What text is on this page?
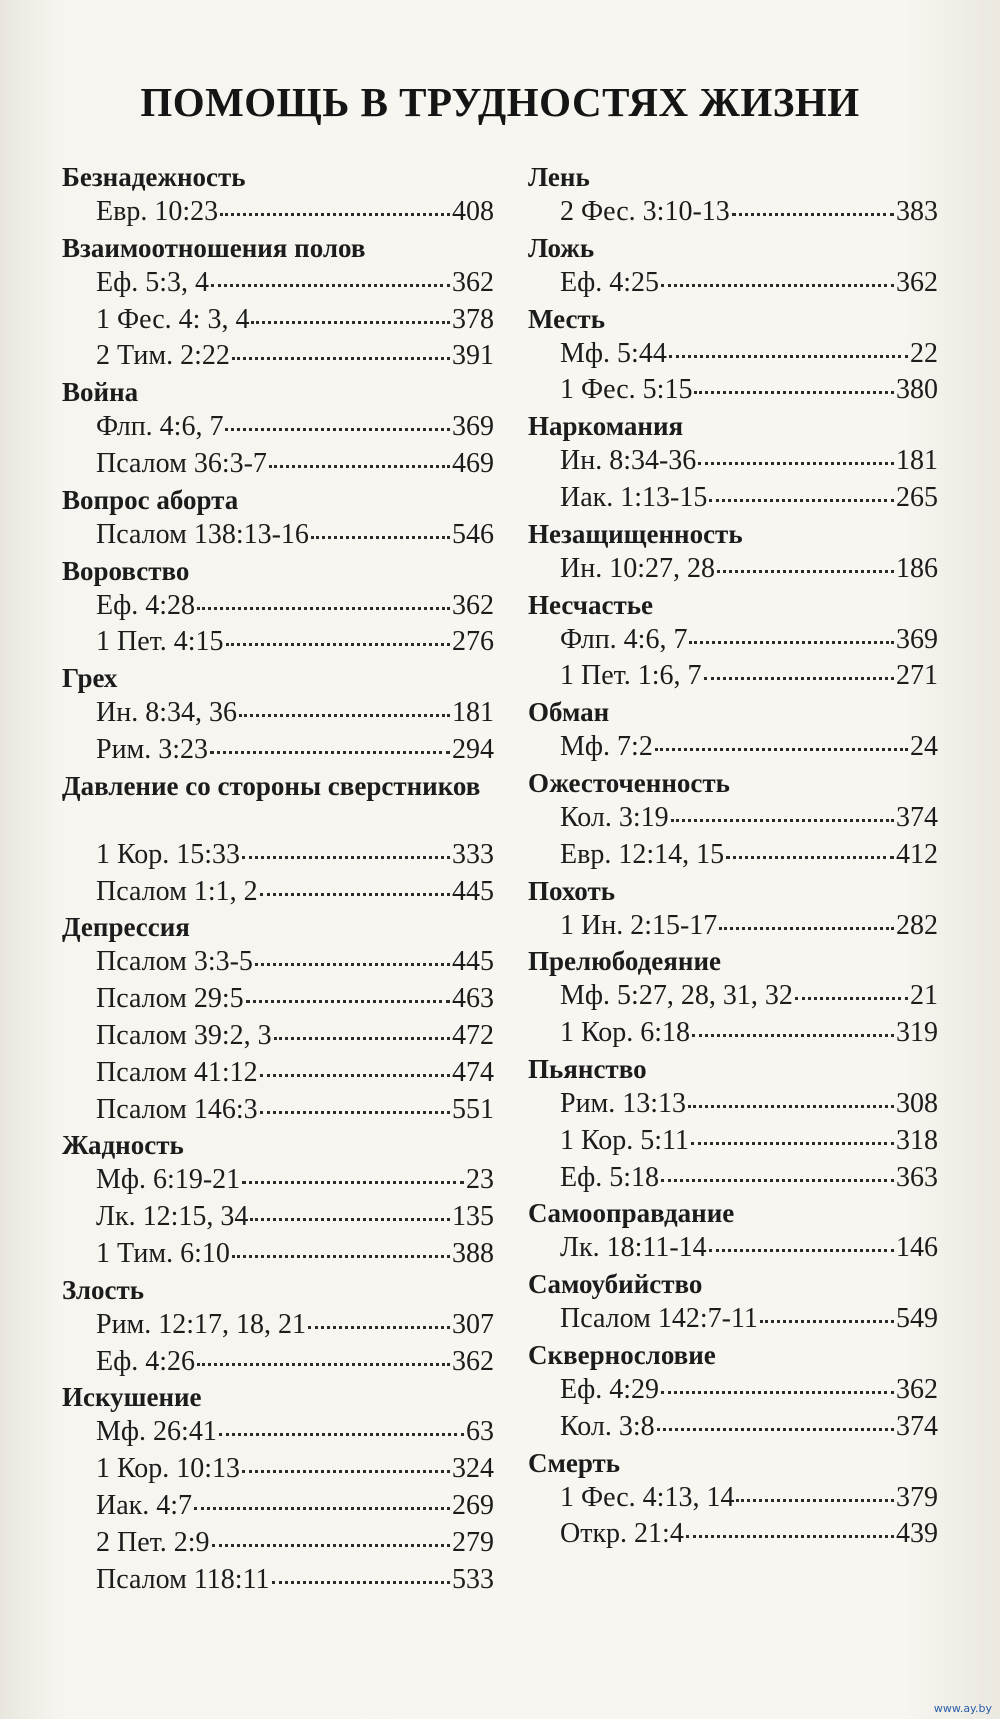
ПОМОЩЬ В ТРУДНОСТЯХ ЖИЗНИ
Безнадежность
Евр. 10:23	408
Взаимоотношения полов
Еф. 5:3, 4	362
1 Фес. 4: 3, 4	378
2 Тим. 2:22	391
Война
Флп. 4:6, 7	369
Псалом 36:3-7	469
Вопрос аборта
Псалом 138:13-16	546
Воровство
Еф. 4:28	362
1 Пет. 4:15	276
Грех
Ин. 8:34, 36	181
Рим. 3:23	294
Давление со стороны сверстников
1 Кор. 15:33	333
Псалом 1:1, 2	445
Депрессия
Псалом 3:3-5	445
Псалом 29:5	463
Псалом 39:2, 3	472
Псалом 41:12	474
Псалом 146:3	551
Жадность
Мф. 6:19-21	23
Лк. 12:15, 34	135
1 Тим. 6:10	388
Злость
Рим. 12:17, 18, 21	307
Еф. 4:26	362
Искушение
Мф. 26:41	63
1 Кор. 10:13	324
Иак. 4:7	269
2 Пет. 2:9	279
Псалом 118:11	533
Лень
2 Фес. 3:10-13	383
Ложь
Еф. 4:25	362
Месть
Мф. 5:44	22
1 Фес. 5:15	380
Наркомания
Ин. 8:34-36	181
Иак. 1:13-15	265
Незащищенность
Ин. 10:27, 28	186
Несчастье
Флп. 4:6, 7	369
1 Пет. 1:6, 7	271
Обман
Мф. 7:2	24
Ожесточенность
Кол. 3:19	374
Евр. 12:14, 15	412
Похоть
1 Ин. 2:15-17	282
Прелюбодеяние
Мф. 5:27, 28, 31, 32	21
1 Кор. 6:18	319
Пьянство
Рим. 13:13	308
1 Кор. 5:11	318
Еф. 5:18	363
Самооправдание
Лк. 18:11-14	146
Самоубийство
Псалом 142:7-11	549
Сквернословие
Еф. 4:29	362
Кол. 3:8	374
Смерть
1 Фес. 4:13, 14	379
Откр. 21:4	439
www.ay.by
